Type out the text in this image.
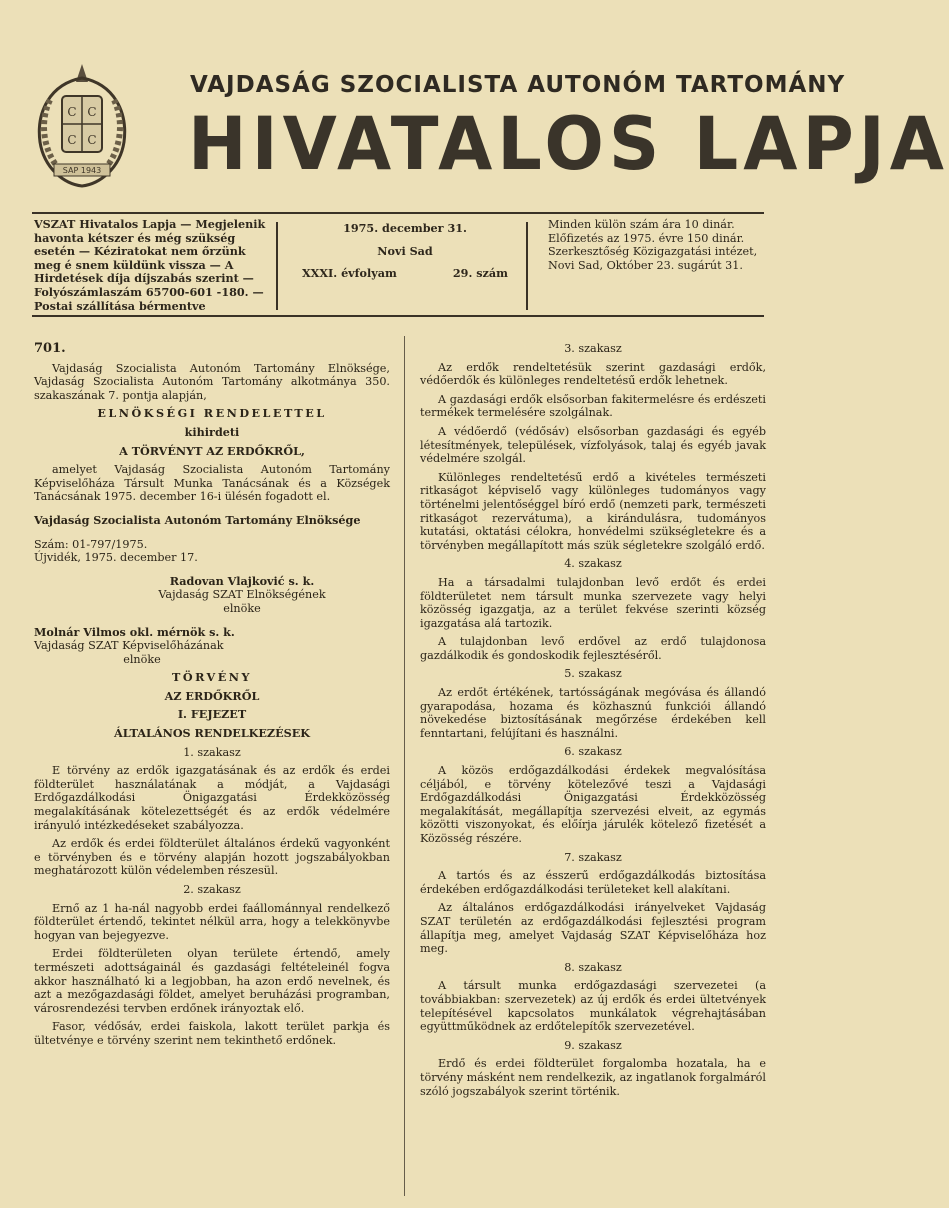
С С
С С
SAP 1943
VAJDASÁG SZOCIALISTA AUTONÓM TARTOMÁNY
HIVATALOS LAPJA
VSZAT Hivatalos Lapja — Megjelenik havonta kétszer és még szükség esetén — Kéziratokat nem őrzünk meg é snem küldünk vissza — A Hirdetések díja díjszabás szerint — Folyószámlaszám 65700-601 -180. — Postai szállítása bérmentve
1975. december 31.
Novi Sad
XXXI. évfolyam	29. szám
Minden külön szám ára 10 dinár. Előfizetés az 1975. évre 150 dinár. Szerkesztőség Közigazgatási intézet, Novi Sad, Október 23. sugárút 31.
701.

Vajdaság Szocialista Autonóm Tartomány Elnöksége, Vajdaság Szocialista Autonóm Tartomány alkotmánya 350. szakaszának 7. pontja alapján,

ELNÖKSÉGI RENDELETTEL

kihirdeti

A TÖRVÉNYT AZ ERDŐKRŐL,

amelyet Vajdaság Szocialista Autonóm Tartomány Képviselőháza Társult Munka Tanácsának és a Községek Tanácsának 1975. december 16-i ülésén fogadott el.

Vajdaság Szocialista Autonóm Tartomány Elnöksége

Szám: 01-797/1975.

Újvidék, 1975. december 17.

Radovan Vlajković s. k.

Vajdaság SZAT Elnökségének

elnöke

Molnár Vilmos okl. mérnök s. k.

Vajdaság SZAT Képviselőházának

elnöke

TÖRVÉNY

AZ ERDŐKRŐL

I. FEJEZET

ÁLTALÁNOS RENDELKEZÉSEK

1. szakasz

E törvény az erdők igazgatásának és az erdők és erdei földterület használatának a módját, a Vajdasági Erdőgazdálkodási Önigazgatási Érdekközösség megalakításának kötelezettségét és az erdők védelmére irányuló intézkedéseket szabályozza.

Az erdők és erdei földterület általános érdekű vagyonként e törvényben és e törvény alapján hozott jogszabályokban meghatározott külön védelemben részesül.

2. szakasz

Ernő az 1 ha-nál nagyobb erdei faállománnyal rendelkező földterület értendő, tekintet nélkül arra, hogy a telekkönyvbe hogyan van bejegyezve.

Erdei földterületen olyan területe értendő, amely természeti adottságainál és gazdasági feltételeinél fogva akkor használható ki a legjobban, ha azon erdő nevelnek, és azt a mezőgazdasági földet, amelyet beruházási programban, városrendezési tervben erdőnek irányoztak elő.

Fasor, védősáv, erdei faiskola, lakott terület parkja és ültetvénye e törvény szerint nem tekinthető erdőnek.

3. szakasz

Az erdők rendeltetésük szerint gazdasági erdők, védőerdők és különleges rendeltetésű erdők lehetnek.

A gazdasági erdők elsősorban fakitermelésre és erdészeti termékek termelésére szolgálnak.

A védőerdő (védősáv) elsősorban gazdasági és egyéb létesítmények, települések, vízfolyások, talaj és egyéb javak védelmére szolgál.

Különleges rendeltetésű erdő a kivételes természeti ritkaságot képviselő vagy különleges tudományos vagy történelmi jelentőséggel bíró erdő (nemzeti park, természeti ritkaságot rezervátuma), a kirándulásra, tudományos kutatási, oktatási célokra, honvédelmi szükségletekre és a törvényben megállapított más szük ségletekre szolgáló erdő.

4. szakasz

Ha a társadalmi tulajdonban levő erdőt és erdei földterületet nem társult munka szervezete vagy helyi közösség igazgatja, az a terület fekvése szerinti község igazgatása alá tartozik.

A tulajdonban levő erdővel az erdő tulajdonosa gazdálkodik és gondoskodik fejlesztéséről.

5. szakasz

Az erdőt értékének, tartósságának megóvása és állandó gyarapodása, hozama és közhasznú funkciói állandó növekedése biztosításának megőrzése érdekében kell fenntartani, felújítani és használni.

6. szakasz

A közös erdőgazdálkodási érdekek megvalósítása céljából, e törvény kötelezővé teszi a Vajdasági Erdőgazdálkodási Önigazgatási Érdekközösség megalakítását, megállapítja szervezési elveit, az egymás közötti viszonyokat, és előírja járulék kötelező fizetését a Közösség részére.

7. szakasz

A tartós és az ésszerű erdőgazdálkodás biztosítása érdekében erdőgazdálkodási területeket kell alakítani.

Az általános erdőgazdálkodási irányelveket Vajdaság SZAT területén az erdőgazdálkodási fejlesztési program állapítja meg, amelyet Vajdaság SZAT Képviselőháza hoz meg.

8. szakasz

A társult munka erdőgazdasági szervezetei (a továbbiakban: szervezetek) az új erdők és erdei ültetvények telepítésével kapcsolatos munkálatok végrehajtásában együttműködnek az erdőtelepítők szervezetével.

9. szakasz

Erdő és erdei földterület forgalomba hozatala, ha e törvény másként nem rendelkezik, az ingatlanok forgalmáról szóló jogszabályok szerint történik.
